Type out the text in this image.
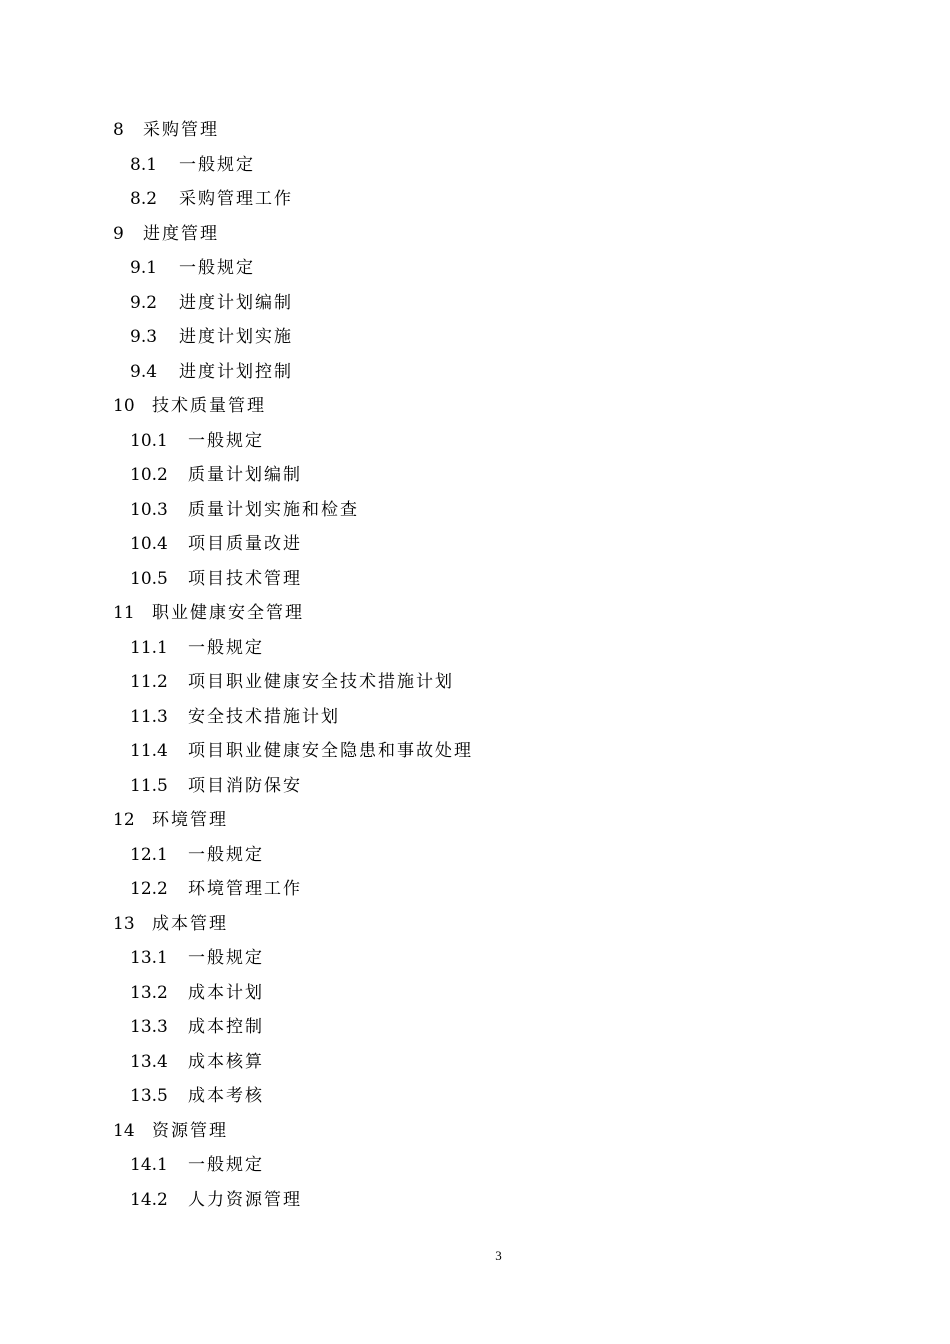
8 采购管理
8.1 一般规定
8.2 采购管理工作
9 进度管理
9.1 一般规定
9.2 进度计划编制
9.3 进度计划实施
9.4 进度计划控制
10 技术质量管理
10.1 一般规定
10.2 质量计划编制
10.3 质量计划实施和检查
10.4 项目质量改进
10.5 项目技术管理
11 职业健康安全管理
11.1 一般规定
11.2 项目职业健康安全技术措施计划
11.3 安全技术措施计划
11.4 项目职业健康安全隐患和事故处理
11.5 项目消防保安
12 环境管理
12.1 一般规定
12.2 环境管理工作
13 成本管理
13.1 一般规定
13.2 成本计划
13.3 成本控制
13.4 成本核算
13.5 成本考核
14 资源管理
14.1 一般规定
14.2 人力资源管理
3
